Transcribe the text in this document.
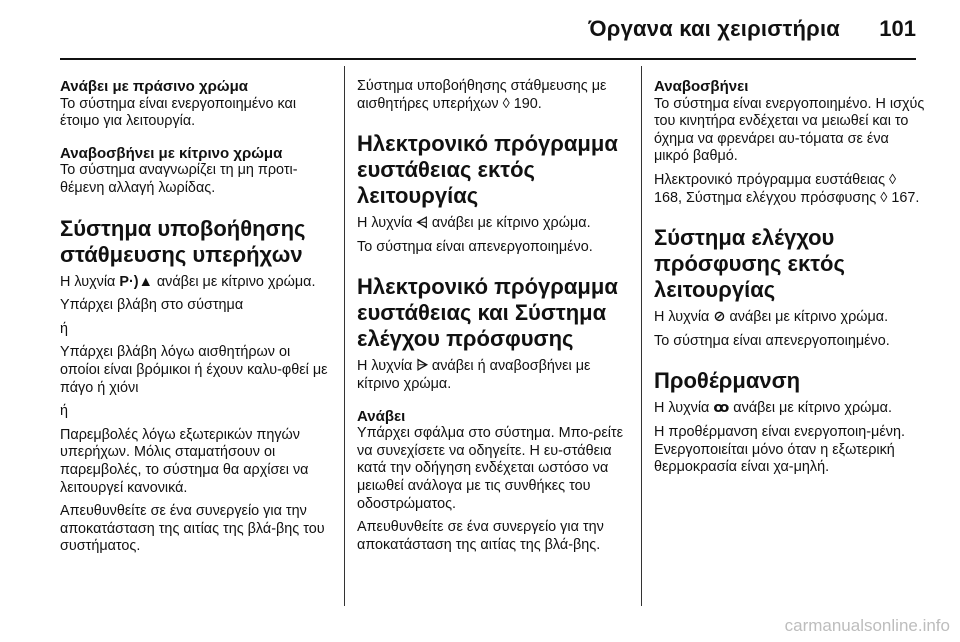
Όργανα και χειριστήρια 101

Ανάβει με πράσινο χρώμα

Το σύστημα είναι ενεργοποιημένο και έτοιμο για λειτουργία.

Αναβοσβήνει με κίτρινο χρώμα

Το σύστημα αναγνωρίζει τη μη προτι-θέμενη αλλαγή λωρίδας.

Σύστημα υποβοήθησης στάθμευσης υπερήχων

Η λυχνία P·)▲ ανάβει με κίτρινο χρώμα.

Υπάρχει βλάβη στο σύστημα

ή

Υπάρχει βλάβη λόγω αισθητήρων οι οποίοι είναι βρόμικοι ή έχουν καλυ-φθεί με πάγο ή χιόνι

ή

Παρεμβολές λόγω εξωτερικών πηγών υπερήχων. Μόλις σταματήσουν οι παρεμβολές, το σύστημα θα αρχίσει να λειτουργεί κανονικά.

Απευθυνθείτε σε ένα συνεργείο για την αποκατάσταση της αιτίας της βλά-βης του συστήματος.

Σύστημα υποβοήθησης στάθμευσης με αισθητήρες υπερήχων ◊ 190.

Ηλεκτρονικό πρόγραμμα ευστάθειας εκτός λειτουργίας

Η λυχνία ⩤ ανάβει με κίτρινο χρώμα.

Το σύστημα είναι απενεργοποιημένο.

Ηλεκτρονικό πρόγραμμα ευστάθειας και Σύστημα ελέγχου πρόσφυσης

Η λυχνία ⩥ ανάβει ή αναβοσβήνει με κίτρινο χρώμα.

Ανάβει

Υπάρχει σφάλμα στο σύστημα. Μπο-ρείτε να συνεχίσετε να οδηγείτε. Η ευ-στάθεια κατά την οδήγηση ενδέχεται ωστόσο να μειωθεί ανάλογα με τις συνθήκες του οδοστρώματος.

Απευθυνθείτε σε ένα συνεργείο για την αποκατάσταση της αιτίας της βλά-βης.

Αναβοσβήνει

Το σύστημα είναι ενεργοποιημένο. Η ισχύς του κινητήρα ενδέχεται να μειωθεί και το όχημα να φρενάρει αυ-τόματα σε ένα μικρό βαθμό.

Ηλεκτρονικό πρόγραμμα ευστάθειας ◊ 168, Σύστημα ελέγχου πρόσφυσης ◊ 167.

Σύστημα ελέγχου πρόσφυσης εκτός λειτουργίας

Η λυχνία ⊘ ανάβει με κίτρινο χρώμα.

Το σύστημα είναι απενεργοποιημένο.

Προθέρμανση

Η λυχνία ꝏ ανάβει με κίτρινο χρώμα.

Η προθέρμανση είναι ενεργοποιη-μένη. Ενεργοποιείται μόνο όταν η εξωτερική θερμοκρασία είναι χα-μηλή.

carmanualsonline.info
